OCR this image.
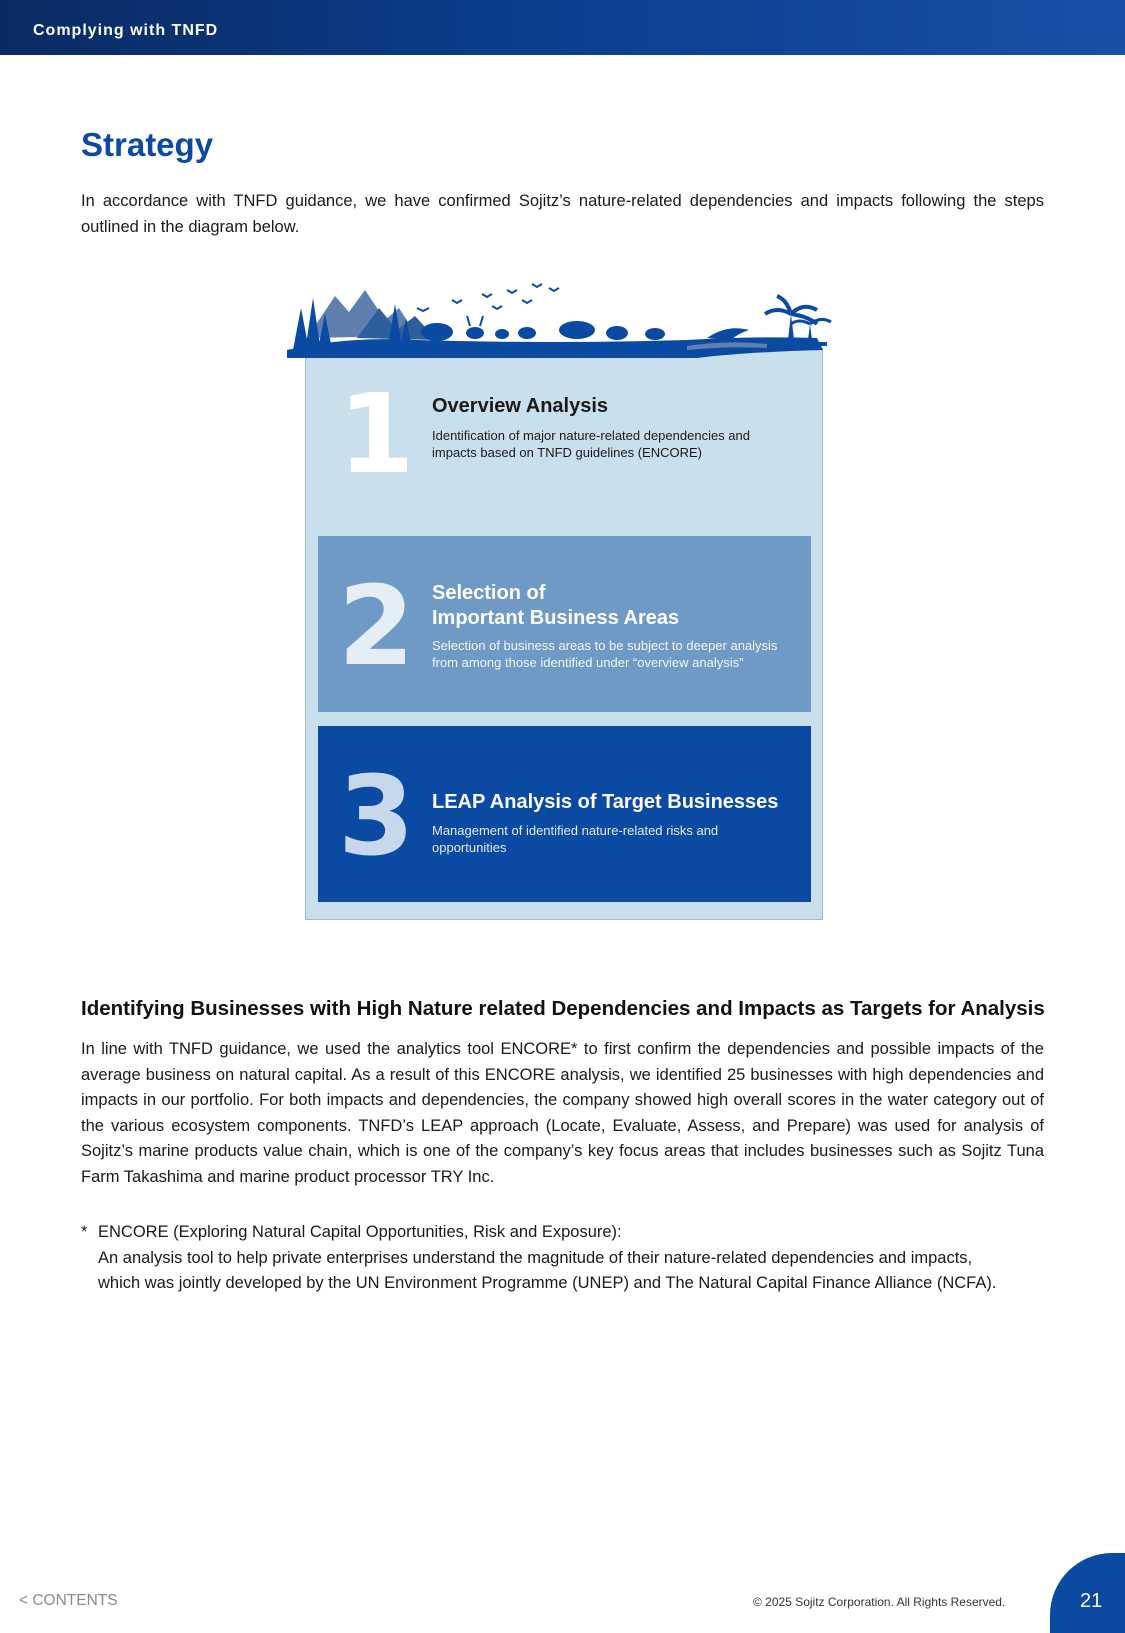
Complying with TNFD
Strategy

In accordance with TNFD guidance, we have confirmed Sojitz’s nature-related dependencies and impacts following the steps outlined in the diagram below.

1 Overview Analysis
Identification of major nature-related dependencies and impacts based on TNFD guidelines (ENCORE)
2 Selection of
Important Business Areas
Selection of business areas to be subject to deeper analysis from among those identified under “overview analysis”
3 LEAP Analysis of Target Businesses
Management of identified nature-related risks and opportunities
Identifying Businesses with High Nature related Dependencies and Impacts as Targets for Analysis

In line with TNFD guidance, we used the analytics tool ENCORE* to first confirm the dependencies and possible impacts of the average business on natural capital. As a result of this ENCORE analysis, we identified 25 businesses with high dependencies and impacts in our portfolio. For both impacts and dependencies, the company showed high overall scores in the water category out of the various ecosystem components. TNFD’s LEAP approach (Locate, Evaluate, Assess, and Prepare) was used for analysis of Sojitz’s marine products value chain, which is one of the company’s key focus areas that includes businesses such as Sojitz Tuna Farm Takashima and marine product processor TRY Inc.

* ENCORE (Exploring Natural Capital Opportunities, Risk and Exposure):
An analysis tool to help private enterprises understand the magnitude of their nature-related dependencies and impacts,
which was jointly developed by the UN Environment Programme (UNEP) and The Natural Capital Finance Alliance (NCFA).
< CONTENTS	© 2025 Sojitz Corporation. All Rights Reserved.	21
